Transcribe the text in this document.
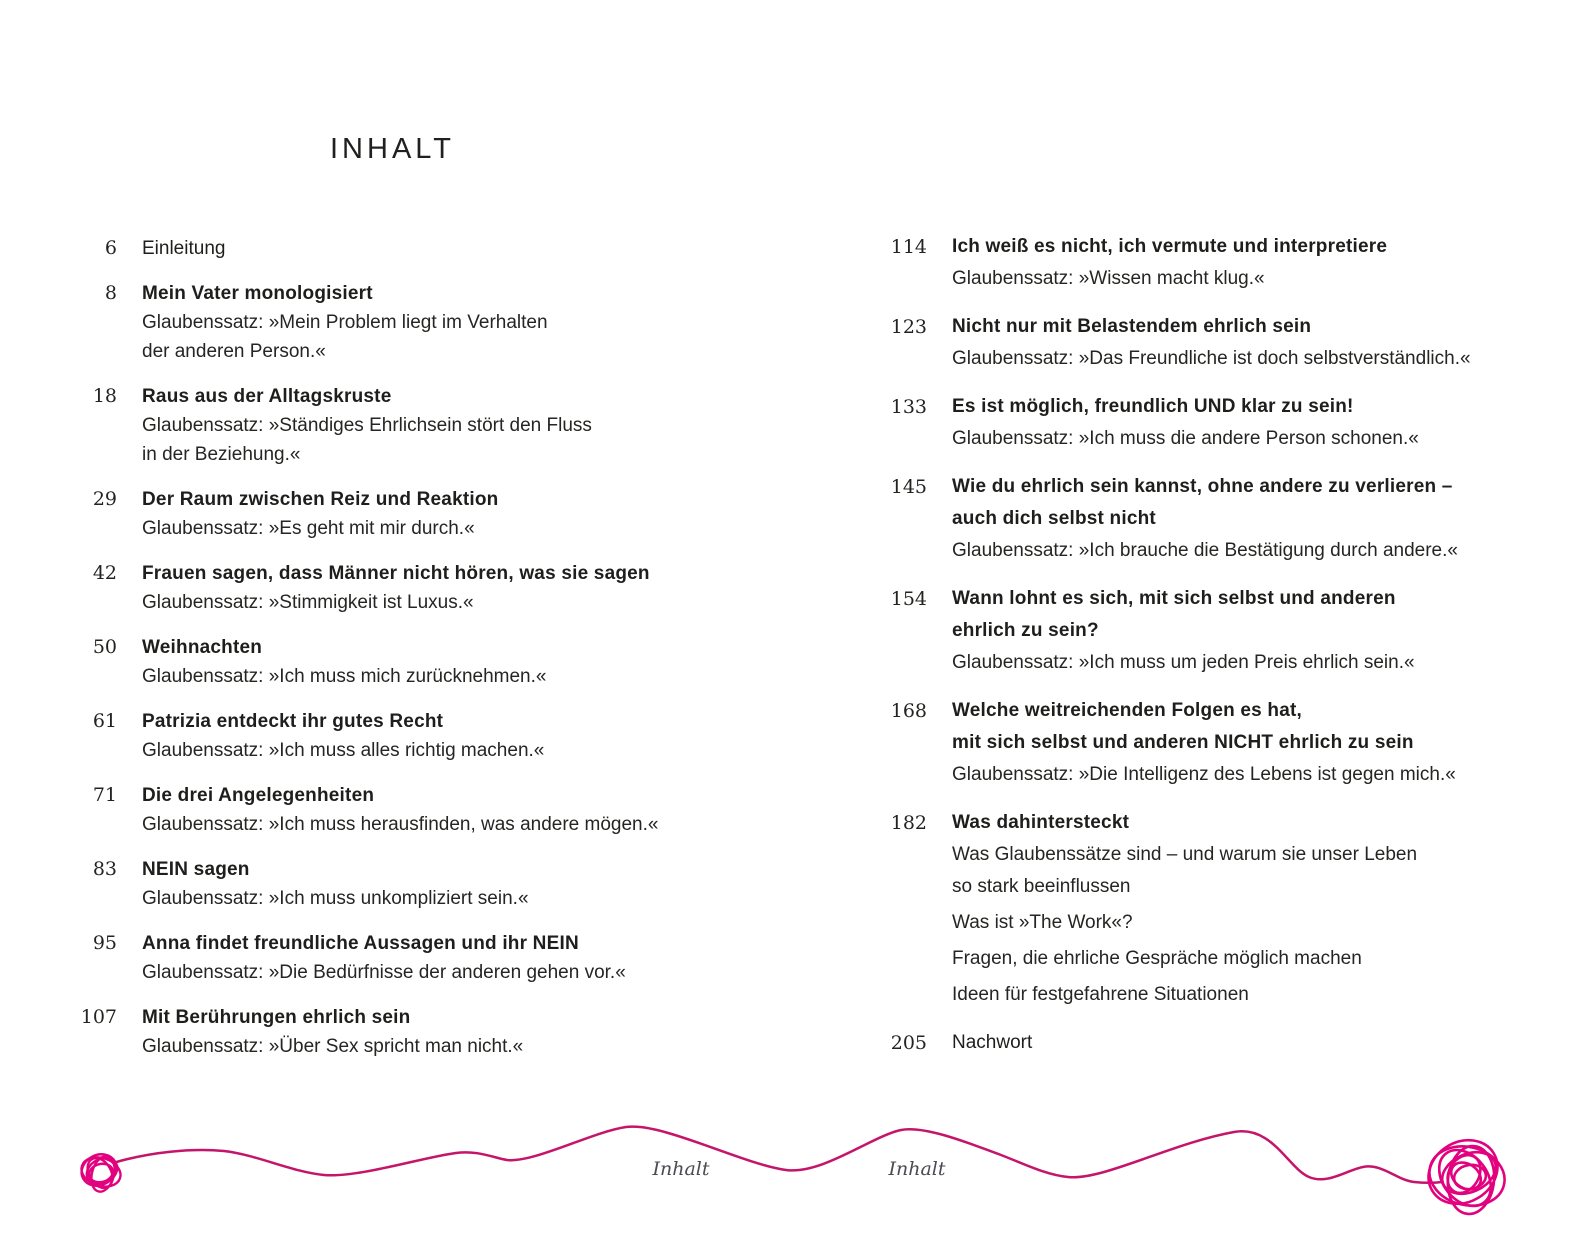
INHALT
6 Einleitung
8 Mein Vater monologisiert
Glaubenssatz: »Mein Problem liegt im Verhalten
der anderen Person.«
18 Raus aus der Alltagskruste
Glaubenssatz: »Ständiges Ehrlichsein stört den Fluss
in der Beziehung.«
29 Der Raum zwischen Reiz und Reaktion
Glaubenssatz: »Es geht mit mir durch.«
42 Frauen sagen, dass Männer nicht hören, was sie sagen
Glaubenssatz: »Stimmigkeit ist Luxus.«
50 Weihnachten
Glaubenssatz: »Ich muss mich zurücknehmen.«
61 Patrizia entdeckt ihr gutes Recht
Glaubenssatz: »Ich muss alles richtig machen.«
71 Die drei Angelegenheiten
Glaubenssatz: »Ich muss herausfinden, was andere mögen.«
83 NEIN sagen
Glaubenssatz: »Ich muss unkompliziert sein.«
95 Anna findet freundliche Aussagen und ihr NEIN
Glaubenssatz: »Die Bedürfnisse der anderen gehen vor.«
107 Mit Berührungen ehrlich sein
Glaubenssatz: »Über Sex spricht man nicht.«
114 Ich weiß es nicht, ich vermute und interpretiere
Glaubenssatz: »Wissen macht klug.«
123 Nicht nur mit Belastendem ehrlich sein
Glaubenssatz: »Das Freundliche ist doch selbstverständlich.«
133 Es ist möglich, freundlich UND klar zu sein!
Glaubenssatz: »Ich muss die andere Person schonen.«
145 Wie du ehrlich sein kannst, ohne andere zu verlieren –
auch dich selbst nicht
Glaubenssatz: »Ich brauche die Bestätigung durch andere.«
154 Wann lohnt es sich, mit sich selbst und anderen
ehrlich zu sein?
Glaubenssatz: »Ich muss um jeden Preis ehrlich sein.«
168 Welche weitreichenden Folgen es hat,
mit sich selbst und anderen NICHT ehrlich zu sein
Glaubenssatz: »Die Intelligenz des Lebens ist gegen mich.«
182 Was dahintersteckt
Was Glaubenssätze sind – und warum sie unser Leben
so stark beeinflussen
Was ist »The Work«?
Fragen, die ehrliche Gespräche möglich machen
Ideen für festgefahrene Situationen
205 Nachwort
Inhalt	Inhalt
